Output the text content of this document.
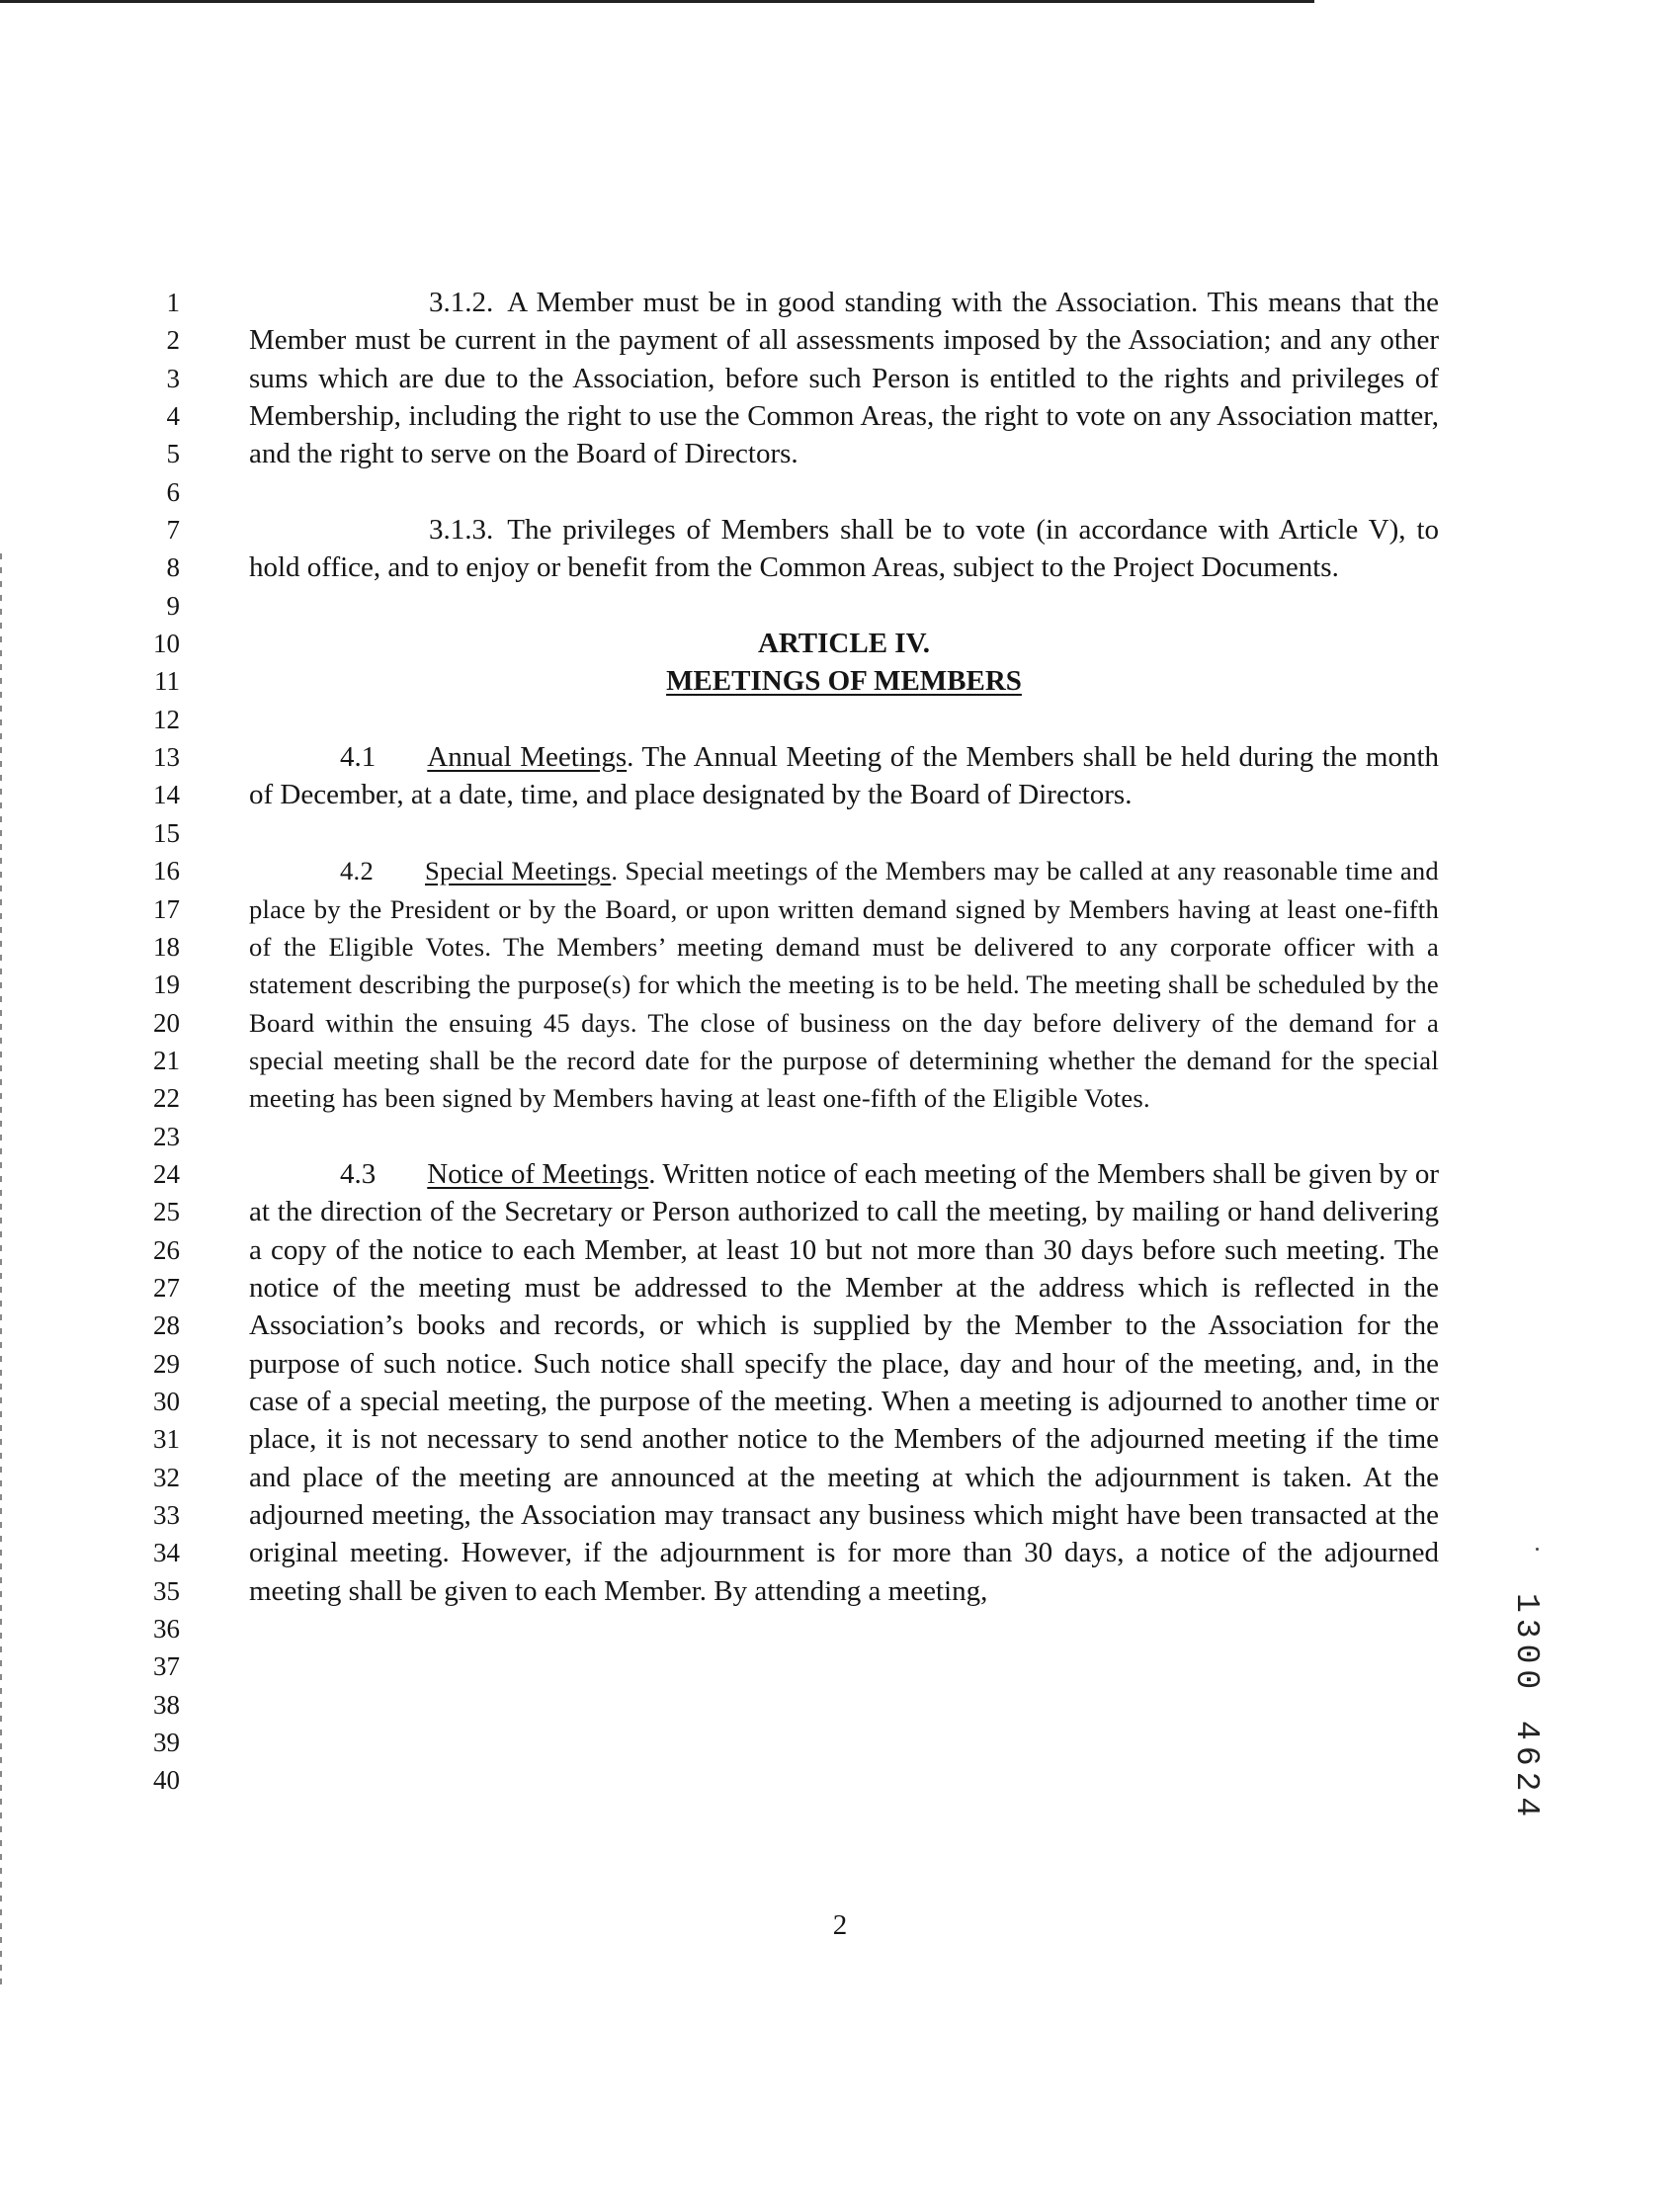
1
2
3
4
5
6
7
8
9
10
11
12
13
14
15
16
17
18
19
20
21
22
23
24
25
26
27
28
29
30
31
32
33
34
35
36
37
38
39
40

3.1.2. A Member must be in good standing with the Association. This means that the Member must be current in the payment of all assessments imposed by the Association; and any other sums which are due to the Association, before such Person is entitled to the rights and privileges of Membership, including the right to use the Common Areas, the right to vote on any Association matter, and the right to serve on the Board of Directors.

3.1.3. The privileges of Members shall be to vote (in accordance with Article V), to hold office, and to enjoy or benefit from the Common Areas, subject to the Project Documents.

ARTICLE IV.

MEETINGS OF MEMBERS

4.1 Annual Meetings. The Annual Meeting of the Members shall be held during the month of December, at a date, time, and place designated by the Board of Directors.

4.2 Special Meetings. Special meetings of the Members may be called at any reasonable time and place by the President or by the Board, or upon written demand signed by Members having at least one-fifth of the Eligible Votes. The Members’ meeting demand must be delivered to any corporate officer with a statement describing the purpose(s) for which the meeting is to be held. The meeting shall be scheduled by the Board within the ensuing 45 days. The close of business on the day before delivery of the demand for a special meeting shall be the record date for the purpose of determining whether the demand for the special meeting has been signed by Members having at least one-fifth of the Eligible Votes.

4.3 Notice of Meetings. Written notice of each meeting of the Members shall be given by or at the direction of the Secretary or Person authorized to call the meeting, by mailing or hand delivering a copy of the notice to each Member, at least 10 but not more than 30 days before such meeting. The notice of the meeting must be addressed to the Member at the address which is reflected in the Association’s books and records, or which is supplied by the Member to the Association for the purpose of such notice. Such notice shall specify the place, day and hour of the meeting, and, in the case of a special meeting, the purpose of the meeting. When a meeting is adjourned to another time or place, it is not necessary to send another notice to the Members of the adjourned meeting if the time and place of the meeting are announced at the meeting at which the adjournment is taken. At the adjourned meeting, the Association may transact any business which might have been transacted at the original meeting. However, if the adjournment is for more than 30 days, a notice of the adjourned meeting shall be given to each Member. By attending a meeting,

2
1300 4624
